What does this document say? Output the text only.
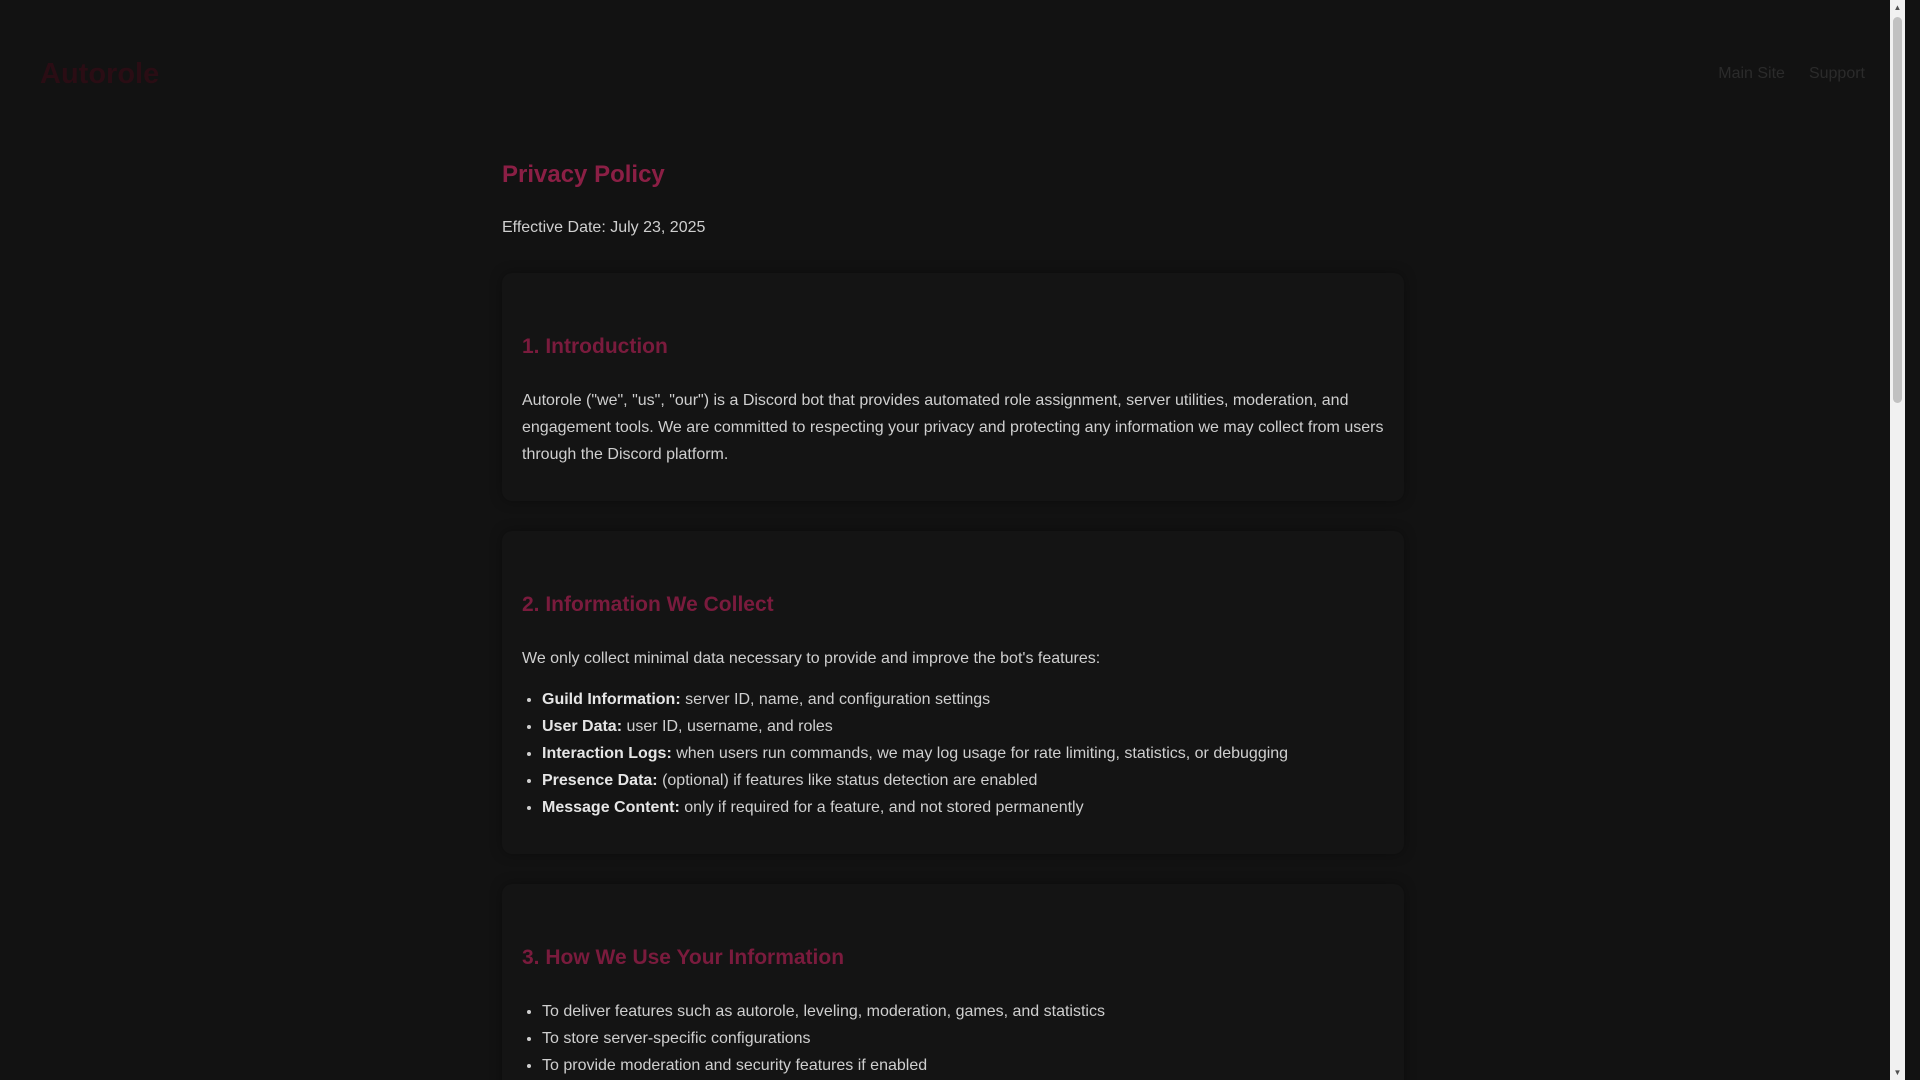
Autorole	Main Site Support
Privacy Policy

Effective Date: July 23, 2025

1. Introduction

Autorole ("we", "us", "our") is a Discord bot that provides automated role assignment, server utilities, moderation, and engagement tools. We are committed to respecting your privacy and protecting any information we may collect from users through the Discord platform.

2. Information We Collect

We only collect minimal data necessary to provide and improve the bot's features:

• Guild Information: server ID, name, and configuration settings
• User Data: user ID, username, and roles
• Interaction Logs: when users run commands, we may log usage for rate limiting, statistics, or debugging
• Presence Data: (optional) if features like status detection are enabled
• Message Content: only if required for a feature, and not stored permanently
3. How We Use Your Information
• To deliver features such as autorole, leveling, moderation, games, and statistics
• To store server-specific configurations
• To provide moderation and security features if enabled
▲
▼
